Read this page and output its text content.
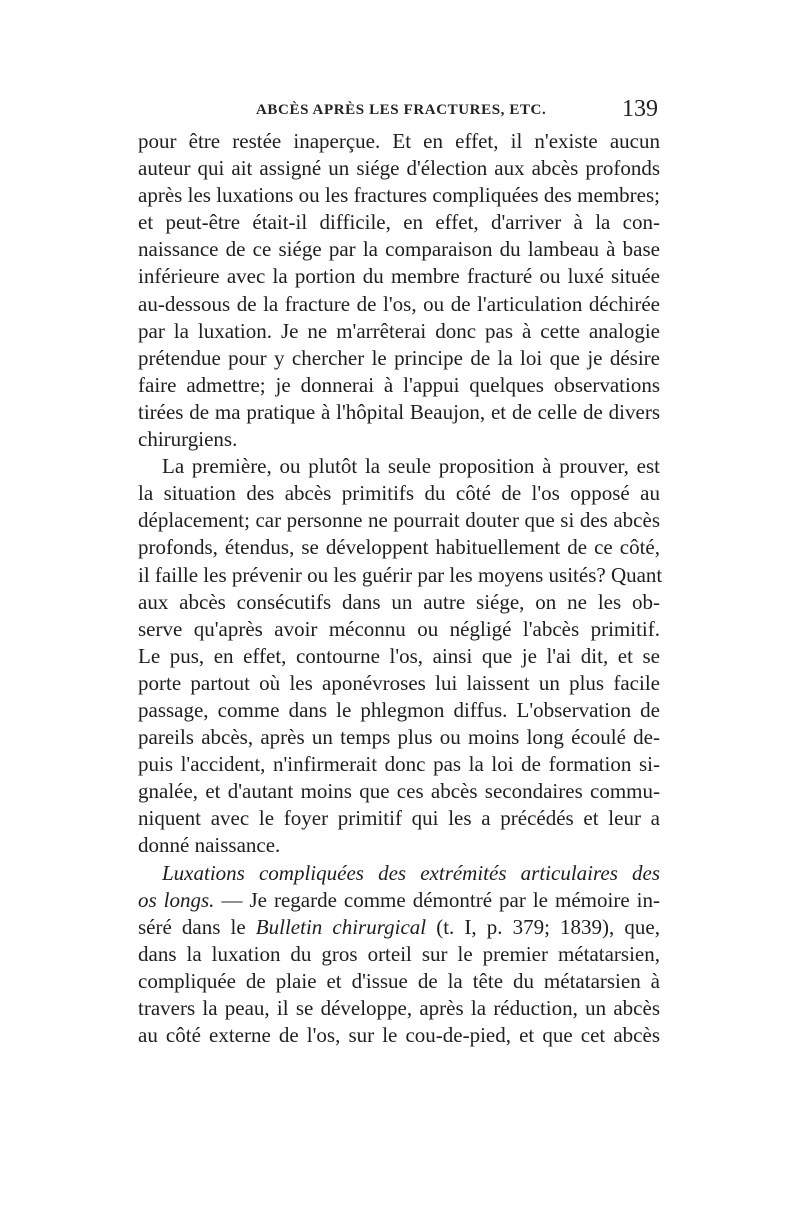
ABCÈS APRÈS LES FRACTURES, ETC.	139
pour être restée inaperçue. Et en effet, il n'existe aucun
auteur qui ait assigné un siége d'élection aux abcès profonds
après les luxations ou les fractures compliquées des membres;
et peut-être était-il difficile, en effet, d'arriver à la con-
naissance de ce siége par la comparaison du lambeau à base
inférieure avec la portion du membre fracturé ou luxé située
au-dessous de la fracture de l'os, ou de l'articulation déchirée
par la luxation. Je ne m'arrêterai donc pas à cette analogie
prétendue pour y chercher le principe de la loi que je désire
faire admettre; je donnerai à l'appui quelques observations
tirées de ma pratique à l'hôpital Beaujon, et de celle de divers
chirurgiens.
La première, ou plutôt la seule proposition à prouver, est
la situation des abcès primitifs du côté de l'os opposé au
déplacement; car personne ne pourrait douter que si des abcès
profonds, étendus, se développent habituellement de ce côté,
il faille les prévenir ou les guérir par les moyens usités? Quant
aux abcès consécutifs dans un autre siége, on ne les ob-
serve qu'après avoir méconnu ou négligé l'abcès primitif.
Le pus, en effet, contourne l'os, ainsi que je l'ai dit, et se
porte partout où les aponévroses lui laissent un plus facile
passage, comme dans le phlegmon diffus. L'observation de
pareils abcès, après un temps plus ou moins long écoulé de-
puis l'accident, n'infirmerait donc pas la loi de formation si-
gnalée, et d'autant moins que ces abcès secondaires commu-
niquent avec le foyer primitif qui les a précédés et leur a
donné naissance.
Luxations compliquées des extrémités articulaires des
os longs. — Je regarde comme démontré par le mémoire in-
séré dans le Bulletin chirurgical (t. I, p. 379; 1839), que,
dans la luxation du gros orteil sur le premier métatarsien,
compliquée de plaie et d'issue de la tête du métatarsien à
travers la peau, il se développe, après la réduction, un abcès
au côté externe de l'os, sur le cou-de-pied, et que cet abcès
